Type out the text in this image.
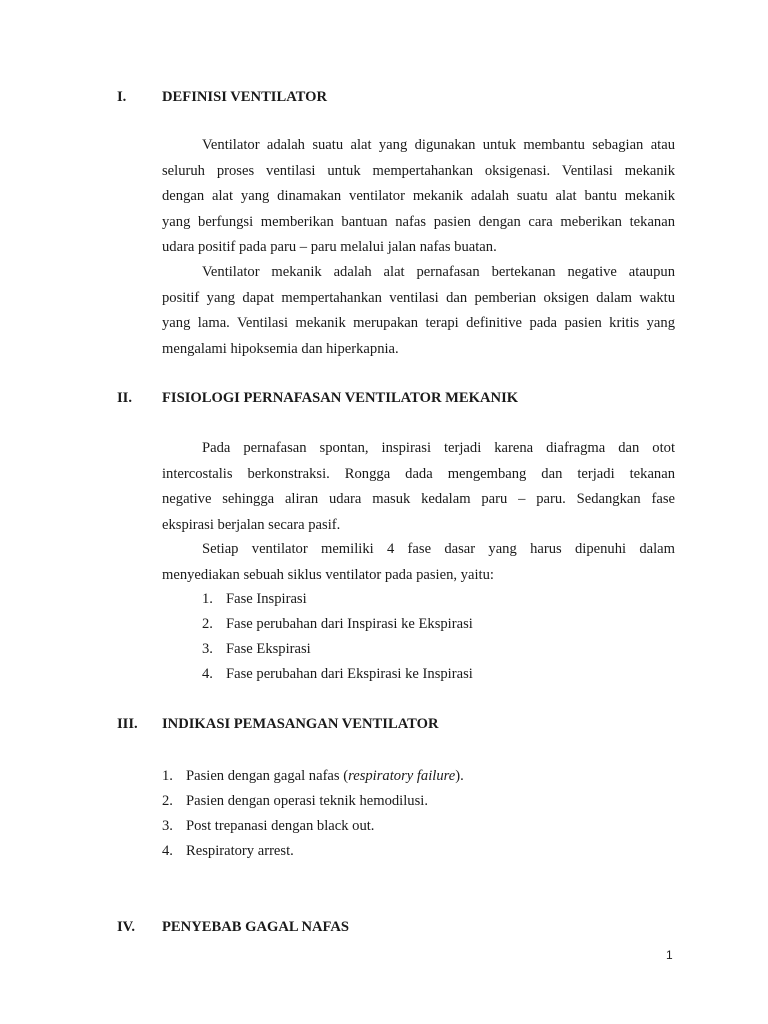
I. DEFINISI VENTILATOR
Ventilator adalah suatu alat yang digunakan untuk membantu sebagian atau
seluruh proses ventilasi untuk mempertahankan oksigenasi. Ventilasi mekanik
dengan alat yang dinamakan ventilator mekanik adalah suatu alat bantu mekanik
yang berfungsi memberikan bantuan nafas pasien dengan cara meberikan tekanan
udara positif pada paru – paru melalui jalan nafas buatan.
Ventilator mekanik adalah alat pernafasan bertekanan negative ataupun
positif yang dapat mempertahankan ventilasi dan pemberian oksigen dalam waktu
yang lama. Ventilasi mekanik merupakan terapi definitive pada pasien kritis yang
mengalami hipoksemia dan hiperkapnia.
II. FISIOLOGI PERNAFASAN VENTILATOR MEKANIK
Pada pernafasan spontan, inspirasi terjadi karena diafragma dan otot
intercostalis berkonstraksi. Rongga dada mengembang dan terjadi tekanan
negative sehingga aliran udara masuk kedalam paru – paru. Sedangkan fase
ekspirasi berjalan secara pasif.
Setiap ventilator memiliki 4 fase dasar yang harus dipenuhi dalam
menyediakan sebuah siklus ventilator pada pasien, yaitu:
1. Fase Inspirasi
2. Fase perubahan dari Inspirasi ke Ekspirasi
3. Fase Ekspirasi
4. Fase perubahan dari Ekspirasi ke Inspirasi
III. INDIKASI PEMASANGAN VENTILATOR
1. Pasien dengan gagal nafas (respiratory failure).
2. Pasien dengan operasi teknik hemodilusi.
3. Post trepanasi dengan black out.
4. Respiratory arrest.
IV. PENYEBAB GAGAL NAFAS
1
